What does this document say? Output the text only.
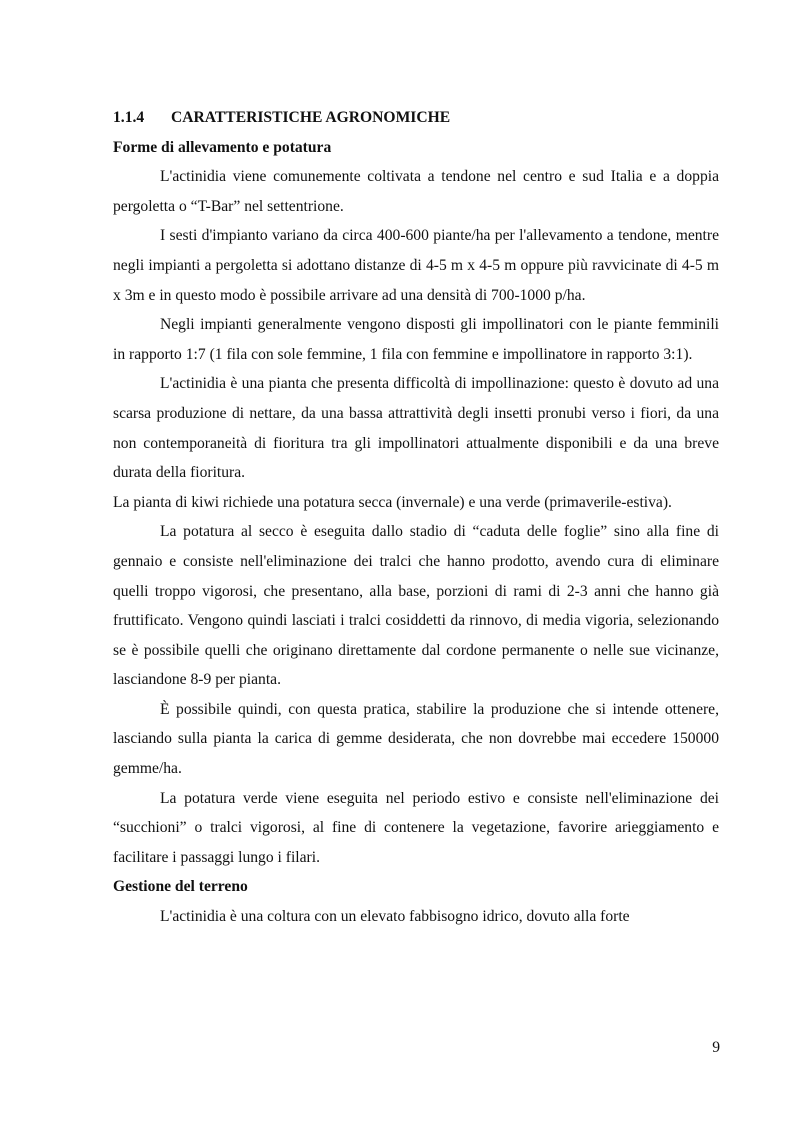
1.1.4 CARATTERISTICHE AGRONOMICHE
Forme di allevamento e potatura

L'actinidia viene comunemente coltivata a tendone nel centro e sud Italia e a doppia pergoletta o “T-Bar” nel settentrione.

I sesti d'impianto variano da circa 400-600 piante/ha per l'allevamento a tendone, mentre negli impianti a pergoletta si adottano distanze di 4-5 m x 4-5 m oppure più ravvicinate di 4-5 m x 3m e in questo modo è possibile arrivare ad una densità di 700-1000 p/ha.

Negli impianti generalmente vengono disposti gli impollinatori con le piante femminili in rapporto 1:7 (1 fila con sole femmine, 1 fila con femmine e impollinatore in rapporto 3:1).

L'actinidia è una pianta che presenta difficoltà di impollinazione: questo è dovuto ad una scarsa produzione di nettare, da una bassa attrattività degli insetti pronubi verso i fiori, da una non contemporaneità di fioritura tra gli impollinatori attualmente disponibili e da una breve durata della fioritura.

La pianta di kiwi richiede una potatura secca (invernale) e una verde (primaverile-estiva).

La potatura al secco è eseguita dallo stadio di “caduta delle foglie” sino alla fine di gennaio e consiste nell'eliminazione dei tralci che hanno prodotto, avendo cura di eliminare quelli troppo vigorosi, che presentano, alla base, porzioni di rami di 2-3 anni che hanno già fruttificato. Vengono quindi lasciati i tralci cosiddetti da rinnovo, di media vigoria, selezionando se è possibile quelli che originano direttamente dal cordone permanente o nelle sue vicinanze, lasciandone 8-9 per pianta.

È possibile quindi, con questa pratica, stabilire la produzione che si intende ottenere, lasciando sulla pianta la carica di gemme desiderata, che non dovrebbe mai eccedere 150000 gemme/ha.

La potatura verde viene eseguita nel periodo estivo e consiste nell'eliminazione dei “succhioni” o tralci vigorosi, al fine di contenere la vegetazione, favorire arieggiamento e facilitare i passaggi lungo i filari.

Gestione del terreno

L'actinidia è una coltura con un elevato fabbisogno idrico, dovuto alla forte

9
